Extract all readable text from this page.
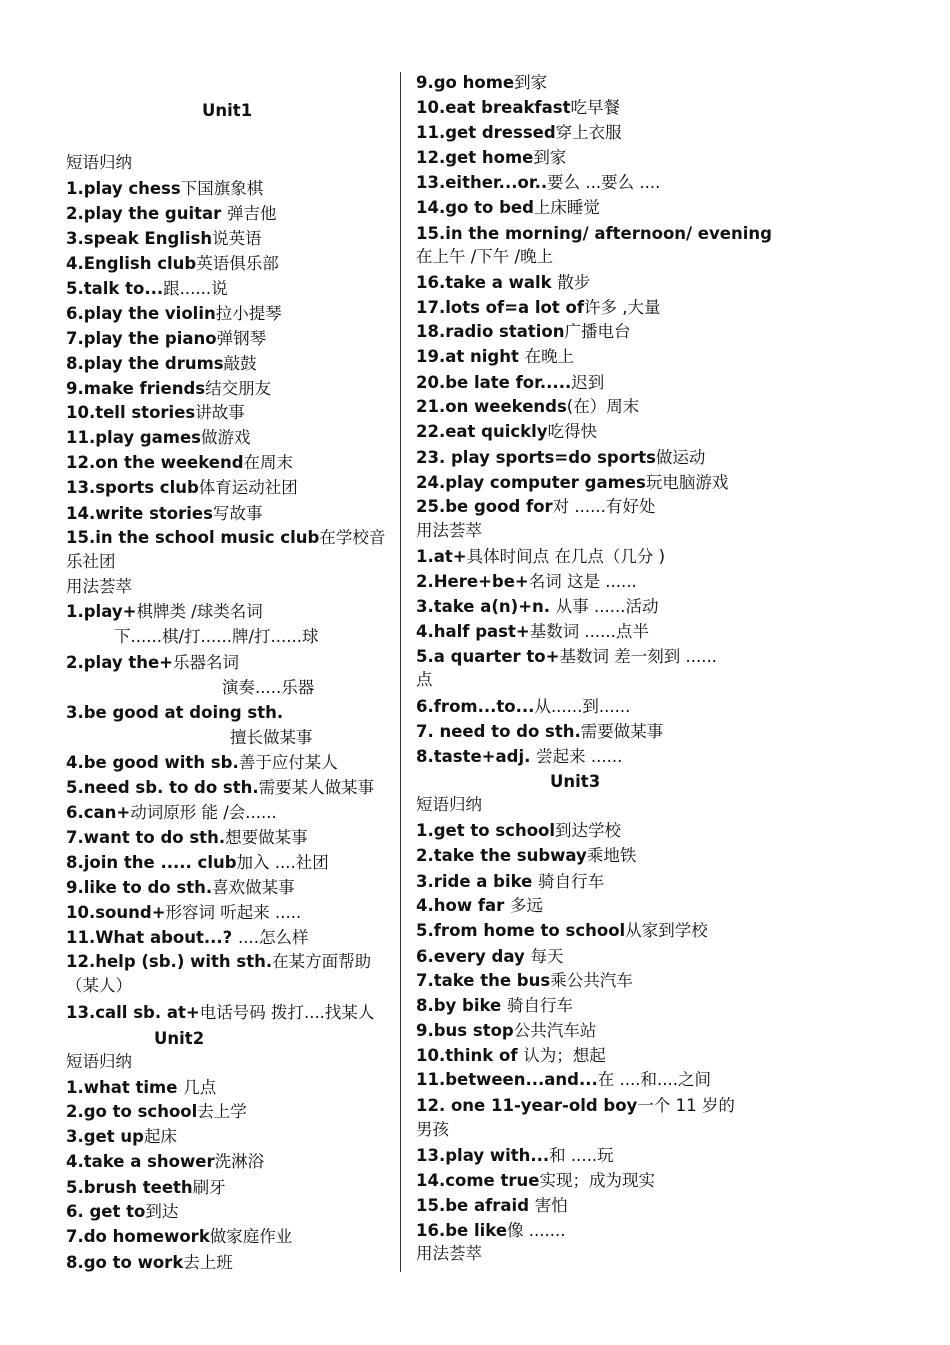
Unit1
短语归纳
1.play chess下国旗象棋
2.play the guitar 弹吉他
3.speak English说英语
4.English club英语俱乐部
5.talk to...跟......说
6.play the violin拉小提琴
7.play the piano弹钢琴
8.play the drums敲鼓
9.make friends结交朋友
10.tell stories讲故事
11.play games做游戏
12.on the weekend在周末
13.sports club体育运动社团
14.write stories写故事
15.in the school music club在学校音
乐社团
用法荟萃
1.play+棋牌类 /球类名词
下......棋/打......牌/打......球
2.play the+乐器名词
演奏.....乐器
3.be good at doing sth.
擅长做某事
4.be good with sb.善于应付某人
5.need sb. to do sth.需要某人做某事
6.can+动词原形 能 /会......
7.want to do sth.想要做某事
8.join the ..... club加入 ....社团
9.like to do sth.喜欢做某事
10.sound+形容词 听起来 .....
11.What about...? ....怎么样
12.help (sb.) with sth.在某方面帮助
（某人）
13.call sb. at+电话号码 拨打....找某人
Unit2
短语归纳
1.what time 几点
2.go to school去上学
3.get up起床
4.take a shower洗淋浴
5.brush teeth刷牙
6. get to到达
7.do homework做家庭作业
8.go to work去上班
9.go home到家
10.eat breakfast吃早餐
11.get dressed穿上衣服
12.get home到家
13.either...or..要么 ...要么 ....
14.go to bed上床睡觉
15.in the morning/ afternoon/ evening
在上午 /下午 /晚上
16.take a walk 散步
17.lots of=a lot of许多 ,大量
18.radio station广播电台
19.at night 在晚上
20.be late for.....迟到
21.on weekends(在）周末
22.eat quickly吃得快
23. play sports=do sports做运动
24.play computer games玩电脑游戏
25.be good for对 ......有好处
用法荟萃
1.at+具体时间点 在几点（几分 )
2.Here+be+名词 这是 ......
3.take a(n)+n. 从事 ......活动
4.half past+基数词 ......点半
5.a quarter to+基数词 差一刻到 ......
点
6.from...to...从......到......
7. need to do sth.需要做某事
8.taste+adj. 尝起来 ......
Unit3
短语归纳
1.get to school到达学校
2.take the subway乘地铁
3.ride a bike 骑自行车
4.how far 多远
5.from home to school从家到学校
6.every day 每天
7.take the bus乘公共汽车
8.by bike 骑自行车
9.bus stop公共汽车站
10.think of 认为；想起
11.between...and...在 ....和....之间
12. one 11-year-old boy一个 11 岁的
男孩
13.play with...和 .....玩
14.come true实现；成为现实
15.be afraid 害怕
16.be like像 .......
用法荟萃
